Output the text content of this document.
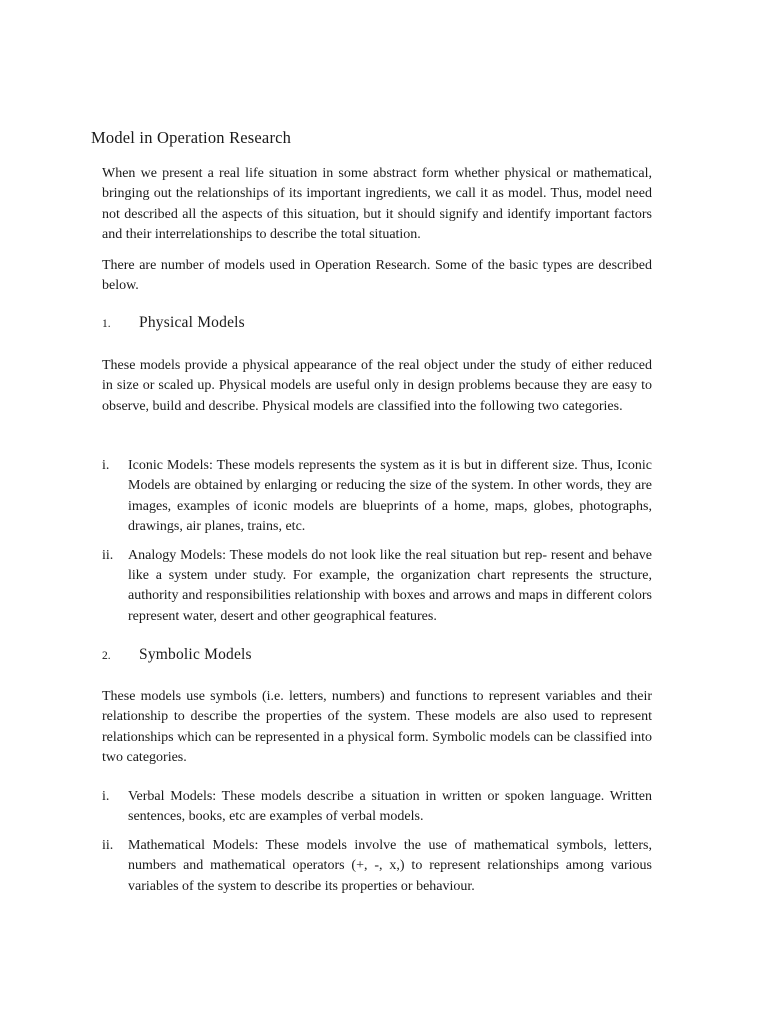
Model in Operation Research

When we present a real life situation in some abstract form whether physical or mathematical, bringing out the relationships of its important ingredients, we call it as model. Thus, model need not described all the aspects of this situation, but it should signify and identify important factors and their interrelationships to describe the total situation.

There are number of models used in Operation Research. Some of the basic types are described below.

1.	Physical Models

These models provide a physical appearance of the real object under the study of either reduced in size or scaled up. Physical models are useful only in design problems because they are easy to observe, build and describe. Physical models are classified into the following two categories.

i.	Iconic Models: These models represents the system as it is but in different size. Thus, Iconic Models are obtained by enlarging or reducing the size of the system. In other words, they are images, examples of iconic models are blueprints of a home, maps, globes, photographs, drawings, air planes, trains, etc.
ii.	Analogy Models: These models do not look like the real situation but rep- resent and behave like a system under study. For example, the organization chart represents the structure, authority and responsibilities relationship with boxes and arrows and maps in different colors represent water, desert and other geographical features.
2.	Symbolic Models

These models use symbols (i.e. letters, numbers) and functions to represent variables and their relationship to describe the properties of the system. These models are also used to represent relationships which can be represented in a physical form. Symbolic models can be classified into two categories.

i.	Verbal Models: These models describe a situation in written or spoken language. Written sentences, books, etc are examples of verbal models.
ii.	Mathematical Models: These models involve the use of mathematical symbols, letters, numbers and mathematical operators (+, -, x,) to represent relationships among various variables of the system to describe its properties or behaviour.
